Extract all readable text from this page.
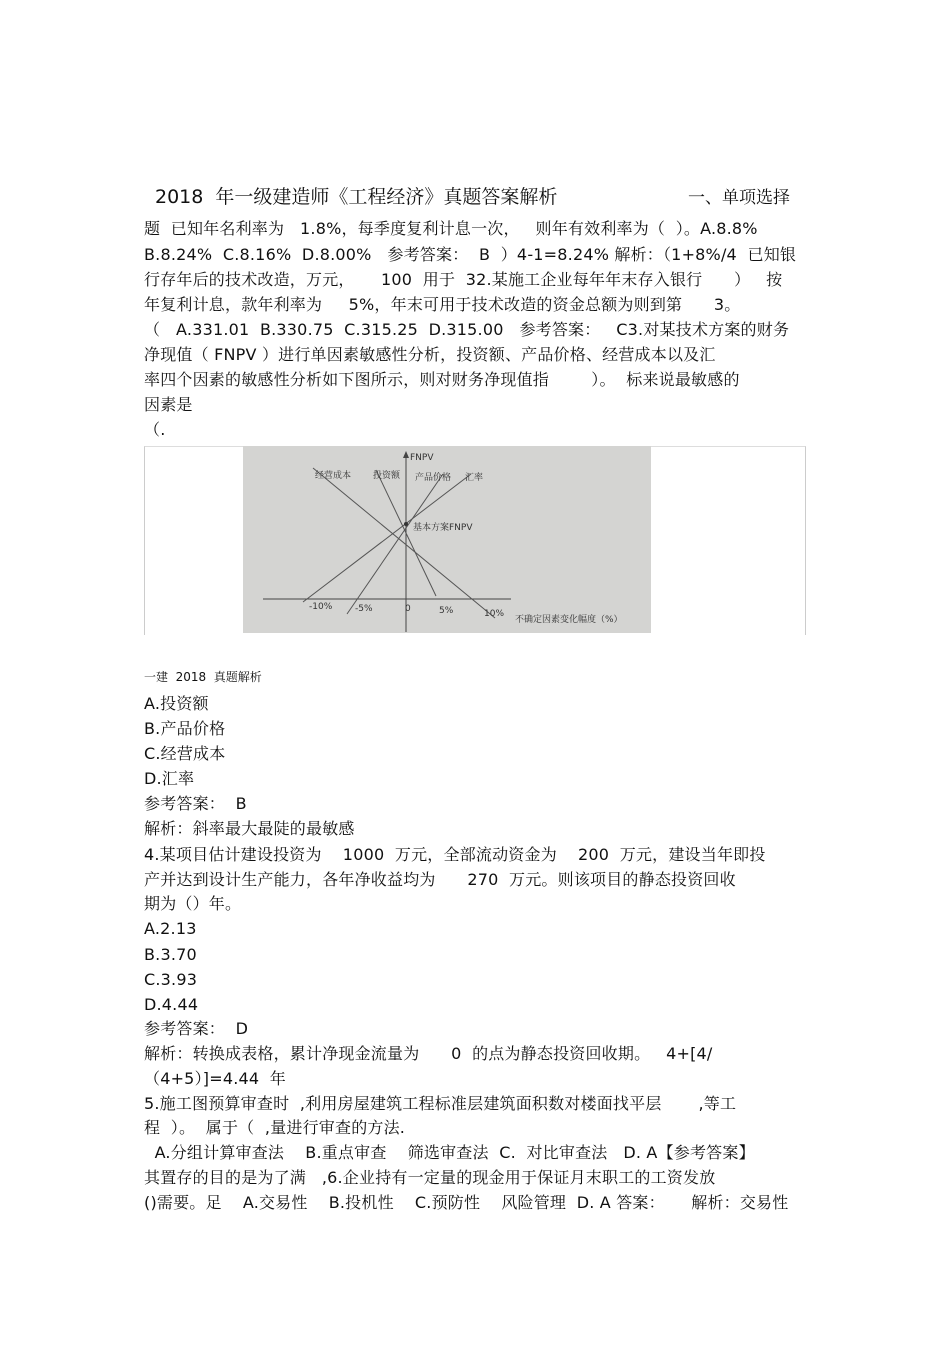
2018  年一级建造师《工程经济》真题答案解析	一、单项选择
题  已知年名利率为   1.8%，每季度复利计息一次，   则年有效利率为（  ）。A.8.8%
B.8.24%  C.8.16%  D.8.00%   参考答案：  B  ）4-1=8.24% 解析：（1+8%/4  已知银
行存年后的技术改造，万元，     100  用于  32.某施工企业每年年末存入银行      ）   按
年复利计息，款年利率为     5%，年末可用于技术改造的资金总额为则到第      3。
（   A.331.01  B.330.75  C.315.25  D.315.00   参考答案：   C3.对某技术方案的财务
净现值（ FNPV ）进行单因素敏感性分析，投资额、产品价格、经营成本以及汇
率四个因素的敏感性分析如下图所示，则对财务净现值指        ）。  标来说最敏感的
因素是
（.
FNPV
经营成本 投资额 产品价格 汇率
基本方案FNPV
-10%	-5%	0	5%	10%
不确定因素变化幅度（%）
一建  2018  真题解析
A.投资额
B.产品价格
C.经营成本
D.汇率
参考答案：  B
解析：斜率最大最陡的最敏感
4.某项目估计建设投资为    1000  万元，全部流动资金为    200  万元，建设当年即投
产并达到设计生产能力，各年净收益均为      270  万元。则该项目的静态投资回收
期为（）年。
A.2.13
B.3.70
C.3.93
D.4.44
参考答案：  D
解析：转换成表格，累计净现金流量为      0  的点为静态投资回收期。   4+[4/
（4+5）]=4.44  年
5.施工图预算审查时  ,利用房屋建筑工程标准层建筑面积数对楼面找平层       ,等工
程  ）。  属于（  ,量进行审查的方法.
A.分组计算审查法    B.重点审查    筛选审查法  C.  对比审查法   D. A【参考答案】
其置存的目的是为了满   ,6.企业持有一定量的现金用于保证月末职工的工资发放
()需要。足    A.交易性    B.投机性    C.预防性    风险管理  D. A 答案：     解析：交易性
